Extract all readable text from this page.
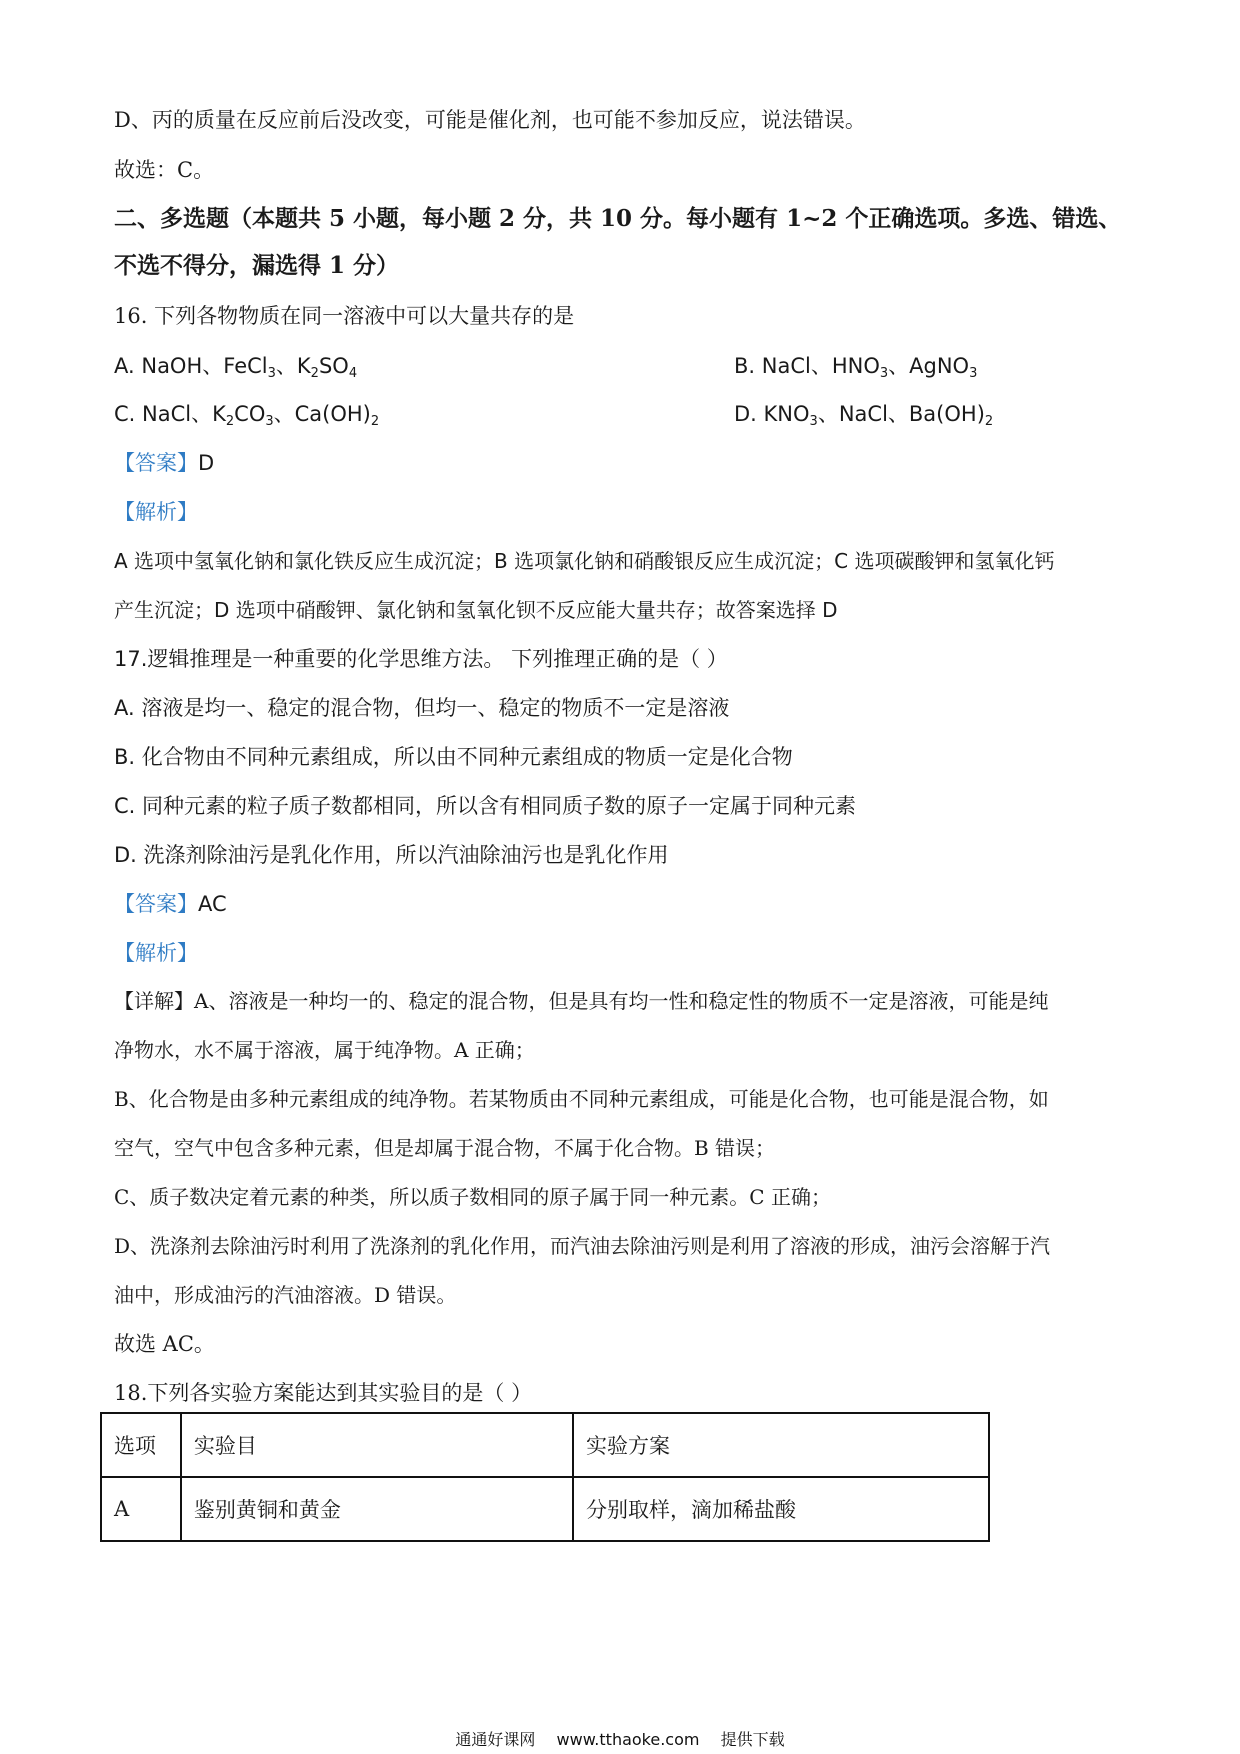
D、丙的质量在反应前后没改变，可能是催化剂，也可能不参加反应，说法错误。
故选：C。
二、多选题（本题共 5 小题，每小题 2 分，共 10 分。每小题有 1~2 个正确选项。多选、错选、
不选不得分，漏选得 1 分）
16. 下列各物物质在同一溶液中可以大量共存的是
A. NaOH、FeCl$_3$、$K_2SO_4$	B. NaCl、$HNO_3$、AgNO$_3$
C. NaCl、$K_2CO_3$、$Ca(OH)_2$	D. $KNO_3$、NaCl、$Ba(OH)_2$
【答案】D
【解析】
A 选项中氢氧化钠和氯化铁反应生成沉淀；B 选项氯化钠和硝酸银反应生成沉淀；C 选项碳酸钾和氢氧化钙
产生沉淀；D 选项中硝酸钾、氯化钠和氢氧化钡不反应能大量共存；故答案选择 D
17.逻辑推理是一种重要的化学思维方法。 下列推理正确的是（ ）
A. 溶液是均一、稳定的混合物，但均一、稳定的物质不一定是溶液
B. 化合物由不同种元素组成，所以由不同种元素组成的物质一定是化合物
C. 同种元素的粒子质子数都相同，所以含有相同质子数的原子一定属于同种元素
D. 洗涤剂除油污是乳化作用，所以汽油除油污也是乳化作用
【答案】AC
【解析】
【详解】A、溶液是一种均一的、稳定的混合物，但是具有均一性和稳定性的物质不一定是溶液，可能是纯
净物水，水不属于溶液，属于纯净物。A 正确；
B、化合物是由多种元素组成的纯净物。若某物质由不同种元素组成，可能是化合物，也可能是混合物，如
空气，空气中包含多种元素，但是却属于混合物，不属于化合物。B 错误；
C、质子数决定着元素的种类，所以质子数相同的原子属于同一种元素。C 正确；
D、洗涤剂去除油污时利用了洗涤剂的乳化作用，而汽油去除油污则是利用了溶液的形成，油污会溶解于汽
油中，形成油污的汽油溶液。D 错误。
故选 AC。
18.下列各实验方案能达到其实验目的是（ ）
选项	实验目	实验方案
A	鉴别黄铜和黄金	分别取样，滴加稀盐酸
通通好课网 www.tthaoke.com 提供下载
